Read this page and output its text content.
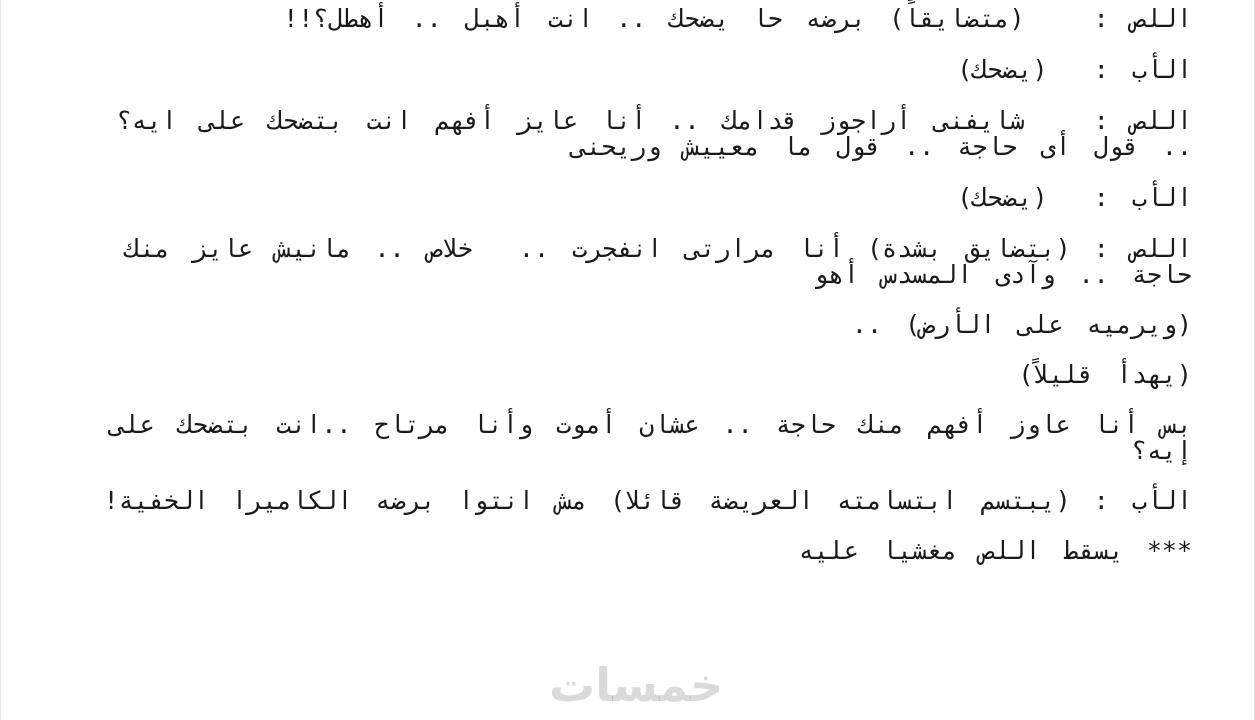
اللص :   (متضايقاً) برضه حا يضحك .. انت أهبل .. أهطل؟!!

الأب :  (يضحك)

اللص :   شايفنى أراجوز قدامك .. أنا عايز أفهم انت بتضحك على ايه؟ .. قول أى حاجة .. قول ما معييش وريحنى

الأب :  (يضحك)

اللص : (بتضايق بشدة) أنا مرارتى انفجرت ..  خلاص .. مانيش عايز منك حاجة .. وآدى المسدس أهو

(ويرميه على الأرض) ..

(يهدأ قليلاً)

بس أنا عاوز أفهم منك حاجة .. عشان أموت وأنا مرتاح ..انت بتضحك على إيه؟

الأب : (يبتسم ابتسامته العريضة قائلا) مش انتوا برضه الكاميرا الخفية!

*** يسقط اللص مغشيا عليه

خمسات
